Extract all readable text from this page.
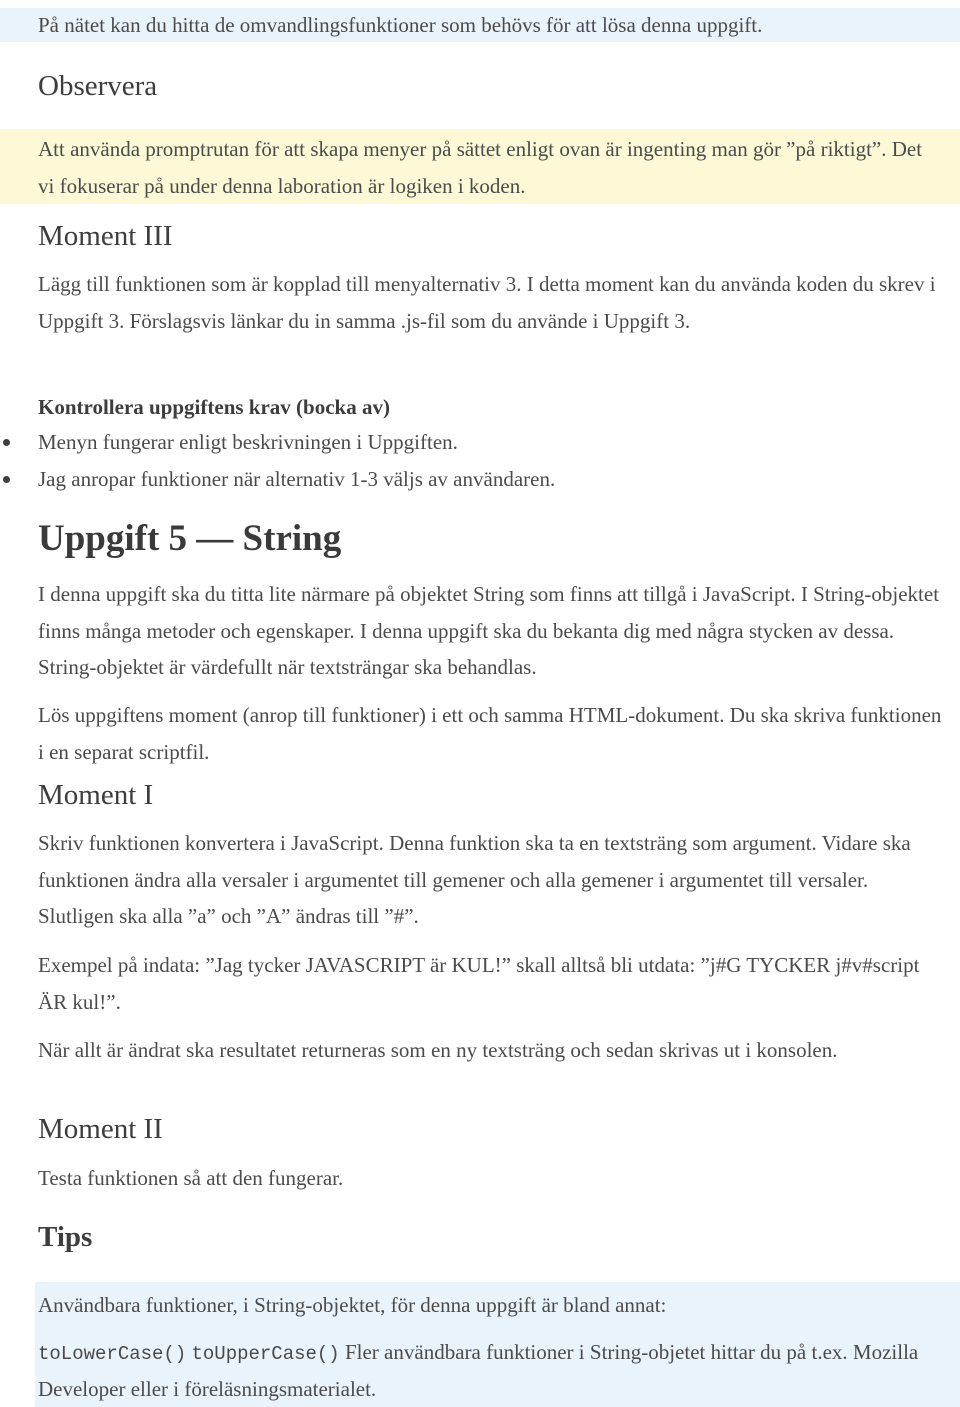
På nätet kan du hitta de omvandlingsfunktioner som behövs för att lösa denna uppgift.
Observera
Att använda promptrutan för att skapa menyer på sättet enligt ovan är ingenting man gör ”på riktigt”. Det vi fokuserar på under denna laboration är logiken i koden.
Moment III
Lägg till funktionen som är kopplad till menyalternativ 3. I detta moment kan du använda koden du skrev i Uppgift 3. Förslagsvis länkar du in samma .js-fil som du använde i Uppgift 3.
Kontrollera uppgiftens krav (bocka av)
Menyn fungerar enligt beskrivningen i Uppgiften.
Jag anropar funktioner när alternativ 1-3 väljs av användaren.
Uppgift 5 — String
I denna uppgift ska du titta lite närmare på objektet String som finns att tillgå i JavaScript. I String-objektet finns många metoder och egenskaper. I denna uppgift ska du bekanta dig med några stycken av dessa. String-objektet är värdefullt när textsträngar ska behandlas.
Lös uppgiftens moment (anrop till funktioner) i ett och samma HTML-dokument. Du ska skriva funktionen i en separat scriptfil.
Moment I
Skriv funktionen konvertera i JavaScript. Denna funktion ska ta en textsträng som argument. Vidare ska funktionen ändra alla versaler i argumentet till gemener och alla gemener i argumentet till versaler. Slutligen ska alla ”a” och ”A” ändras till ”#”.
Exempel på indata: ”Jag tycker JAVASCRIPT är KUL!” skall alltså bli utdata: ”j#G TYCKER j#v#script ÄR kul!”.
När allt är ändrat ska resultatet returneras som en ny textsträng och sedan skrivas ut i konsolen.
Moment II
Testa funktionen så att den fungerar.
Tips
Användbara funktioner, i String-objektet, för denna uppgift är bland annat:
toLowerCase() toUpperCase() Fler användbara funktioner i String-objetet hittar du på t.ex. Mozilla Developer eller i föreläsningsmaterialet.
